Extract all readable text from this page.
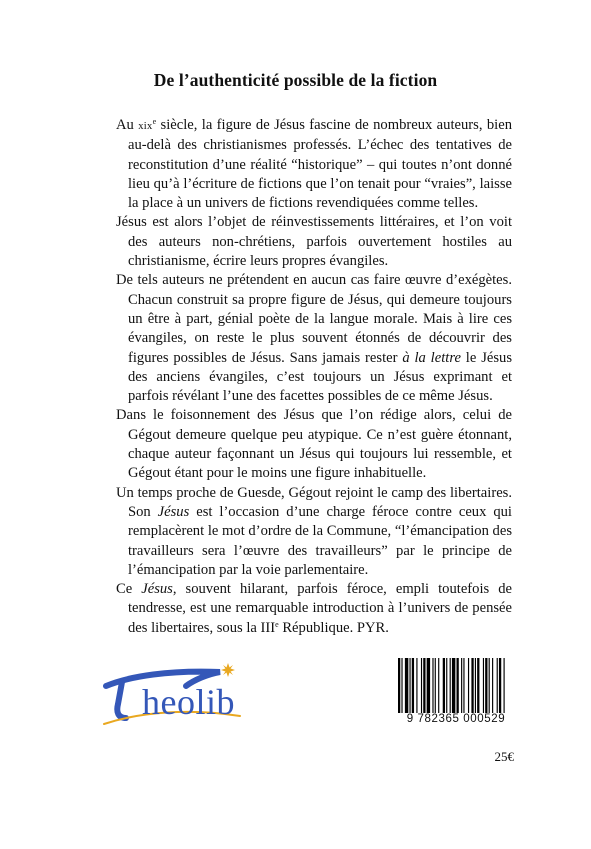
De l’authenticité possible de la fiction

Au xix$^e$ siècle, la figure de Jésus fascine de nombreux auteurs, bien au-delà des christianismes professés. L’échec des tentatives de reconstitution d’une réalité “historique” – qui toutes n’ont donné lieu qu’à l’écriture de fictions que l’on tenait pour “vraies”, laisse la place à un univers de fictions revendiquées comme telles.

Jésus est alors l’objet de réinvestissements littéraires, et l’on voit des auteurs non-chrétiens, parfois ouvertement hostiles au christianisme, écrire leurs propres évangiles.

De tels auteurs ne prétendent en aucun cas faire œuvre d’exégètes. Chacun construit sa propre figure de Jésus, qui demeure toujours un être à part, génial poète de la langue morale. Mais à lire ces évangiles, on reste le plus souvent étonnés de découvrir des figures possibles de Jésus. Sans jamais rester à la lettre le Jésus des anciens évangiles, c’est toujours un Jésus exprimant et parfois révélant l’une des facettes possibles de ce même Jésus.

Dans le foisonnement des Jésus que l’on rédige alors, celui de Gégout demeure quelque peu atypique. Ce n’est guère étonnant, chaque auteur façonnant un Jésus qui toujours lui ressemble, et Gégout étant pour le moins une figure inhabituelle.

Un temps proche de Guesde, Gégout rejoint le camp des libertaires. Son Jésus est l’occasion d’une charge féroce contre ceux qui remplacèrent le mot d’ordre de la Commune, “l’émancipation des travailleurs sera l’œuvre des travailleurs” par le principe de l’émancipation par la voie parlementaire.

Ce Jésus, souvent hilarant, parfois féroce, empli toutefois de tendresse, est une remarquable introduction à l’univers de pensée des libertaires, sous la IIIe République. PYR.

heolib	9 782365 000529
25€
